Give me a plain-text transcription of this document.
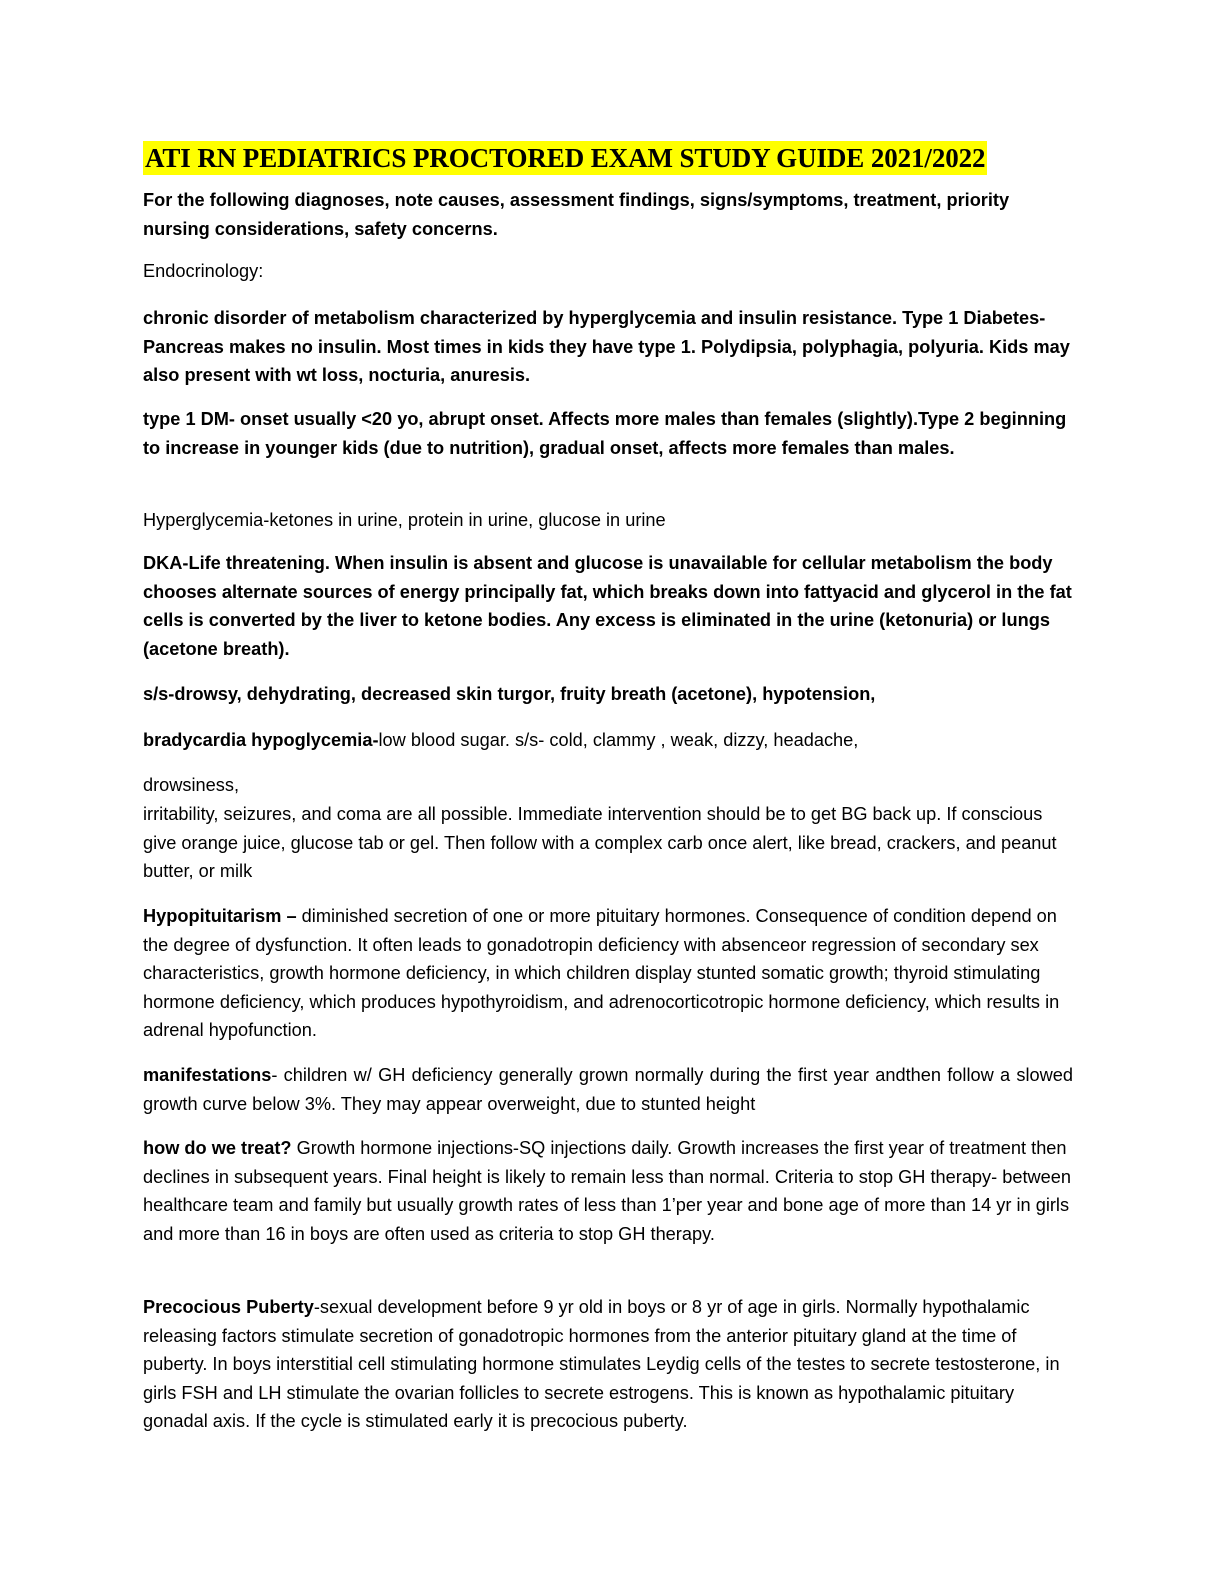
ATI RN PEDIATRICS PROCTORED EXAM STUDY GUIDE 2021/2022

For the following diagnoses, note causes, assessment findings, signs/symptoms, treatment, priority nursing considerations, safety concerns.

Endocrinology:

chronic disorder of metabolism characterized by hyperglycemia and insulin resistance. Type 1 Diabetes-Pancreas makes no insulin. Most times in kids they have type 1. Polydipsia, polyphagia, polyuria. Kids may also present with wt loss, nocturia, anuresis.

type 1 DM- onset usually <20 yo, abrupt onset. Affects more males than females (slightly).Type 2 beginning to increase in younger kids (due to nutrition), gradual onset, affects more females than males.

Hyperglycemia-ketones in urine, protein in urine, glucose in urine

DKA-Life threatening. When insulin is absent and glucose is unavailable for cellular metabolism the body chooses alternate sources of energy principally fat, which breaks down into fattyacid and glycerol in the fat cells is converted by the liver to ketone bodies. Any excess is eliminated in the urine (ketonuria) or lungs (acetone breath).

s/s-drowsy, dehydrating, decreased skin turgor, fruity breath (acetone), hypotension,

bradycardia hypoglycemia-low blood sugar. s/s- cold, clammy , weak, dizzy, headache,

drowsiness,

irritability, seizures, and coma are all possible. Immediate intervention should be to get BG back up. If conscious give orange juice, glucose tab or gel. Then follow with a complex carb once alert, like bread, crackers, and peanut butter, or milk

Hypopituitarism – diminished secretion of one or more pituitary hormones. Consequence of condition depend on the degree of dysfunction. It often leads to gonadotropin deficiency with absenceor regression of secondary sex characteristics, growth hormone deficiency, in which children display stunted somatic growth; thyroid stimulating hormone deficiency, which produces hypothyroidism, and adrenocorticotropic hormone deficiency, which results in adrenal hypofunction.

manifestations- children w/ GH deficiency generally grown normally during the first year andthen follow a slowed growth curve below 3%. They may appear overweight, due to stunted height

how do we treat? Growth hormone injections-SQ injections daily. Growth increases the first year of treatment then declines in subsequent years. Final height is likely to remain less than normal. Criteria to stop GH therapy- between healthcare team and family but usually growth rates of less than 1’per year and bone age of more than 14 yr in girls and more than 16 in boys are often used as criteria to stop GH therapy.

Precocious Puberty-sexual development before 9 yr old in boys or 8 yr of age in girls. Normally hypothalamic releasing factors stimulate secretion of gonadotropic hormones from the anterior pituitary gland at the time of puberty. In boys interstitial cell stimulating hormone stimulates Leydig cells of the testes to secrete testosterone, in girls FSH and LH stimulate the ovarian follicles to secrete estrogens. This is known as hypothalamic pituitary gonadal axis. If the cycle is stimulated early it is precocious puberty.
